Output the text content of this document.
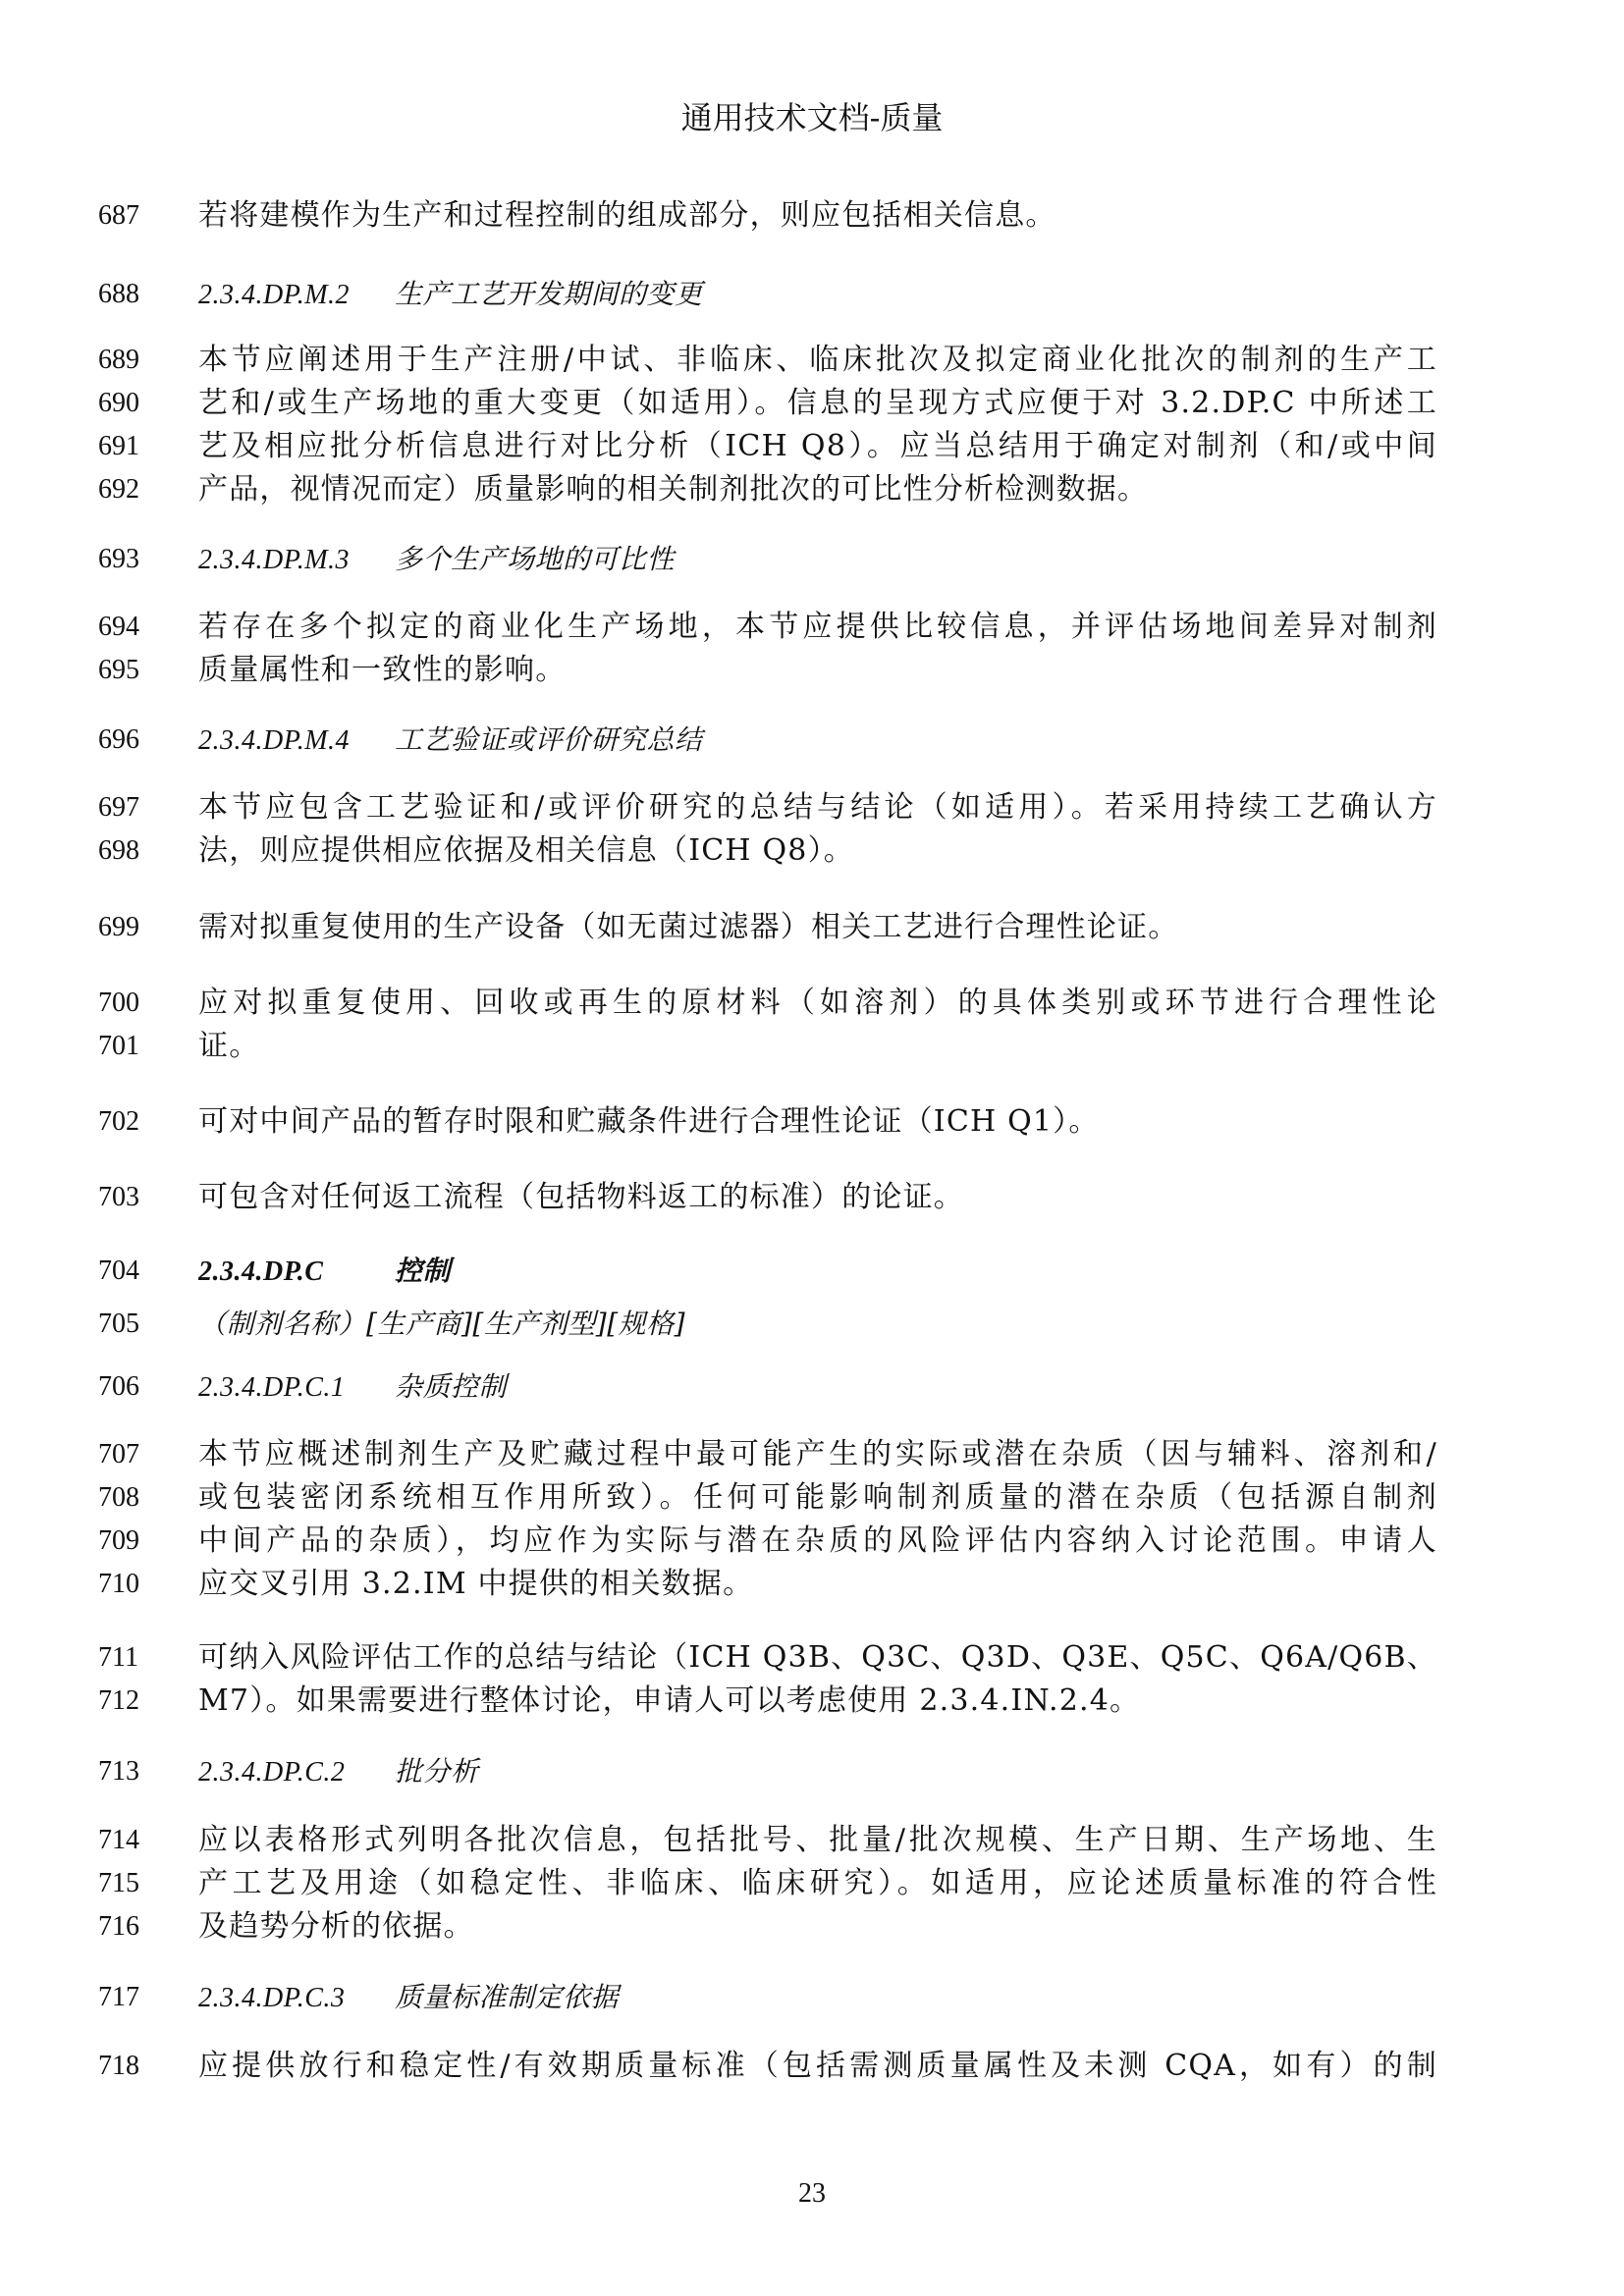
通用技术文档-质量
687	若将建模作为生产和过程控制的组成部分，则应包括相关信息。
688	2.3.4.DP.M.2 生产工艺开发期间的变更
689	本节应阐述用于生产注册/中试、非临床、临床批次及拟定商业化批次的制剂的生产工
690	艺和/或生产场地的重大变更（如适用）。信息的呈现方式应便于对 3.2.DP.C 中所述工
691	艺及相应批分析信息进行对比分析（ICH Q8）。应当总结用于确定对制剂（和/或中间
692	产品，视情况而定）质量影响的相关制剂批次的可比性分析检测数据。
693	2.3.4.DP.M.3 多个生产场地的可比性
694	若存在多个拟定的商业化生产场地，本节应提供比较信息，并评估场地间差异对制剂
695	质量属性和一致性的影响。
696	2.3.4.DP.M.4 工艺验证或评价研究总结
697	本节应包含工艺验证和/或评价研究的总结与结论（如适用）。若采用持续工艺确认方
698	法，则应提供相应依据及相关信息（ICH Q8）。
699	需对拟重复使用的生产设备（如无菌过滤器）相关工艺进行合理性论证。
700	应对拟重复使用、回收或再生的原材料（如溶剂）的具体类别或环节进行合理性论
701	证。
702	可对中间产品的暂存时限和贮藏条件进行合理性论证（ICH Q1）。
703	可包含对任何返工流程（包括物料返工的标准）的论证。
704	2.3.4.DP.C	控制
705	（制剂名称）[生产商][生产剂型][规格]
706	2.3.4.DP.C.1 杂质控制
707	本节应概述制剂生产及贮藏过程中最可能产生的实际或潜在杂质（因与辅料、溶剂和/
708	或包装密闭系统相互作用所致）。任何可能影响制剂质量的潜在杂质（包括源自制剂
709	中间产品的杂质），均应作为实际与潜在杂质的风险评估内容纳入讨论范围。申请人
710	应交叉引用 3.2.IM 中提供的相关数据。
711	可纳入风险评估工作的总结与结论（ICH Q3B、Q3C、Q3D、Q3E、Q5C、Q6A/Q6B、
712	M7）。如果需要进行整体讨论，申请人可以考虑使用 2.3.4.IN.2.4。
713	2.3.4.DP.C.2 批分析
714	应以表格形式列明各批次信息，包括批号、批量/批次规模、生产日期、生产场地、生
715	产工艺及用途（如稳定性、非临床、临床研究）。如适用，应论述质量标准的符合性
716	及趋势分析的依据。
717	2.3.4.DP.C.3 质量标准制定依据
718	应提供放行和稳定性/有效期质量标准（包括需测质量属性及未测 CQA，如有）的制
23
